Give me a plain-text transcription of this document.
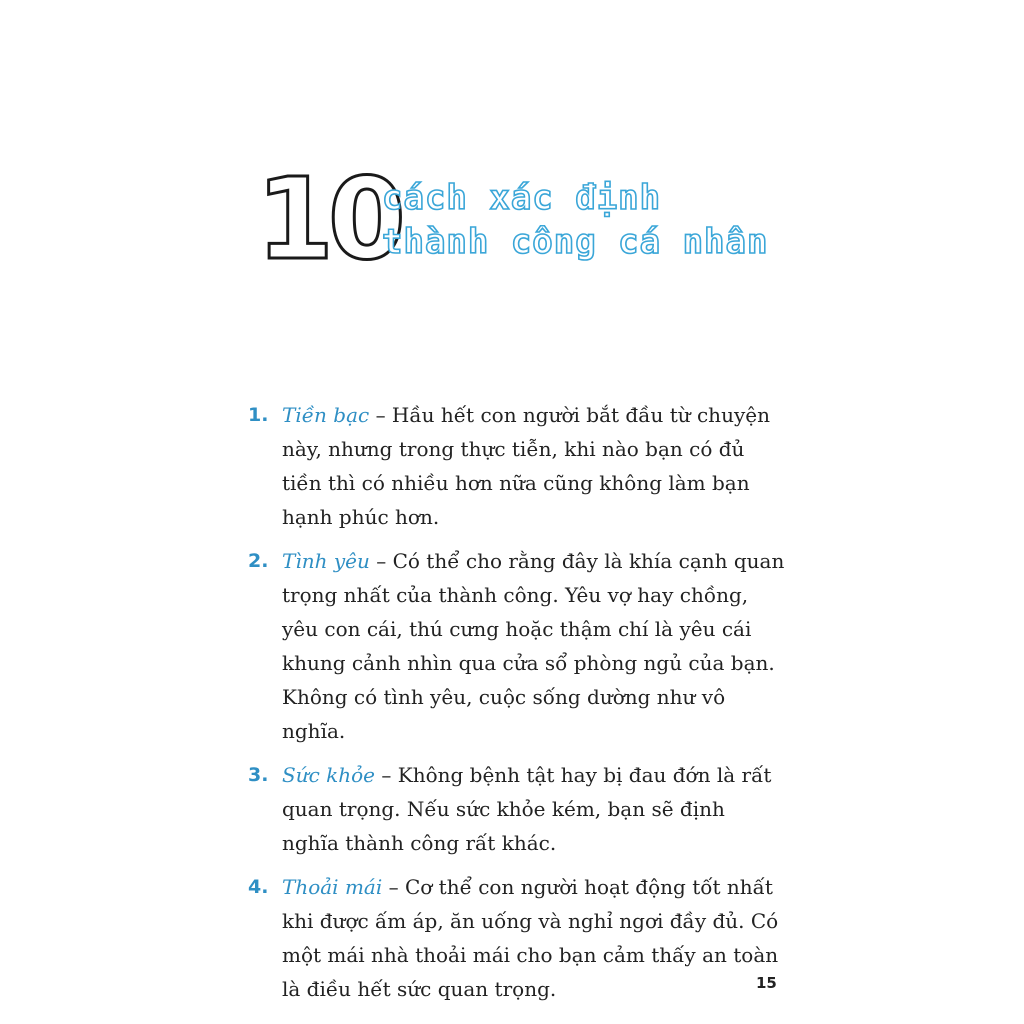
10
cách xác định
thành công cá nhân
1. Tiền bạc – Hầu hết con người bắt đầu từ chuyện này, nhưng trong thực tiễn, khi nào bạn có đủ tiền thì có nhiều hơn nữa cũng không làm bạn hạnh phúc hơn.
2. Tình yêu – Có thể cho rằng đây là khía cạnh quan trọng nhất của thành công. Yêu vợ hay chồng, yêu con cái, thú cưng hoặc thậm chí là yêu cái khung cảnh nhìn qua cửa sổ phòng ngủ của bạn. Không có tình yêu, cuộc sống dường như vô nghĩa.
3. Sức khỏe – Không bệnh tật hay bị đau đớn là rất quan trọng. Nếu sức khỏe kém, bạn sẽ định nghĩa thành công rất khác.
4. Thoải mái – Cơ thể con người hoạt động tốt nhất khi được ấm áp, ăn uống và nghỉ ngơi đầy đủ. Có một mái nhà thoải mái cho bạn cảm thấy an toàn là điều hết sức quan trọng.	15
